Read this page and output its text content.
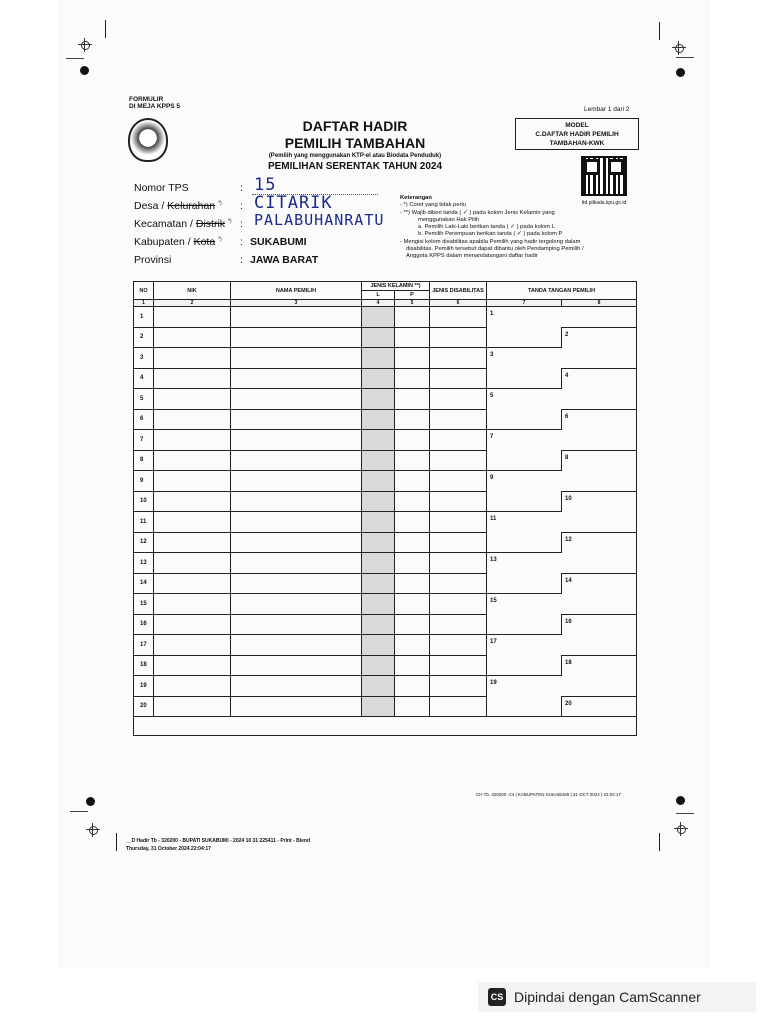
FORMULIR
DI MEJA KPPS 5	Lembar 1 dari 2
DAFTAR HADIR
PEMILIH TAMBAHAN
(Pemilih yang menggunakan KTP-el atau Biodata Penduduk)
PEMILIHAN SERENTAK TAHUN 2024
MODEL
C.DAFTAR HADIR PEMILIH
TAMBAHAN-KWK
ttd.pilkada.kpu.go.id
Nomor TPS	: 15
Desa / Kelurahan *) : CITARIK
Kecamatan / Distrik *) : PALABUHANRATU
Kabupaten / Kota *) : SUKABUMI
Provinsi	: JAWA BARAT
Keterangan
- *) Coret yang tidak perlu
- **) Wajib diberi tanda ( ✓ ) pada kolom Jenis Kelamin yang
menggunakan Hak Pilih
a. Pemilih Laki-Laki berikan tanda ( ✓ ) pada kolom L
b. Pemilih Perempuan berikan tanda ( ✓ ) pada kolom P
- Mengisi kolom disabilitas apabila Pemilih yang hadir tergolong dalam
disabilitas. Pemilih tersebut dapat dibantu oleh Pendamping Pemilih /
Anggota KPPS dalam menandatangani daftar hadir
NO	NIK	NAMA PEMILIH	JENIS KELAMIN **)		JENIS DISABILITAS	TANDA TANGAN PEMILIH	
			L	P			
1	2	3	4	5	6	7	8
1						1	

2							2

3						3	

4							4

5						5	

6							6

7						7	

8							8

9						9	

10							10

11						11	

12							12

13						13	

14							14

15						15	

16							16

17						17	

18							18

19						19	

20							20

CH Tb. 320200 -24 | KABUPATEN SUKABUMI | 31 OCT 2024 | 22:04:17
__D Hadir Tb - 320200 - BUPATI SUKABUMI - 2024 10 31 225411 - Print - Blend
Thursday, 31 October 2024 22:04:17
CS Dipindai dengan CamScanner
